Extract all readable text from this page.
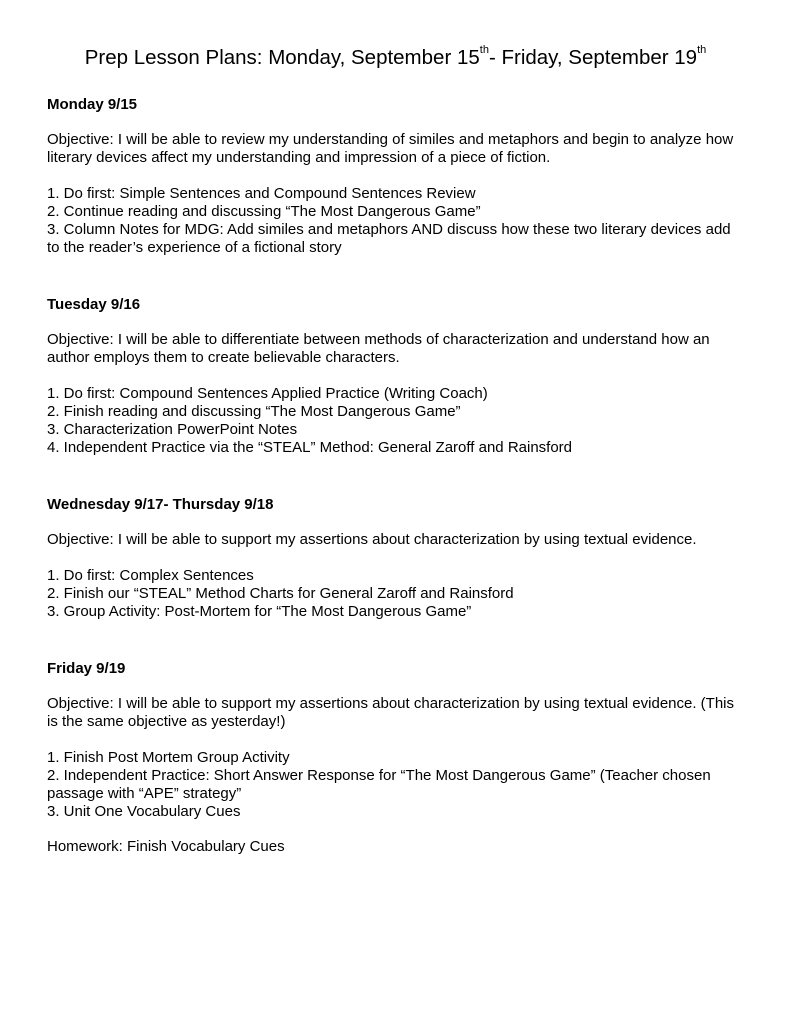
Prep Lesson Plans: Monday, September 15th- Friday, September 19th

Monday 9/15

Objective: I will be able to review my understanding of similes and metaphors and begin to analyze how literary devices affect my understanding and impression of a piece of fiction.

1. Do first: Simple Sentences and Compound Sentences Review
2. Continue reading and discussing “The Most Dangerous Game”
3. Column Notes for MDG: Add similes and metaphors AND discuss how these two literary devices add to the reader’s experience of a fictional story

Tuesday 9/16

Objective: I will be able to differentiate between methods of characterization and understand how an author employs them to create believable characters.

1. Do first: Compound Sentences Applied Practice (Writing Coach)
2. Finish reading and discussing “The Most Dangerous Game”
3. Characterization PowerPoint Notes
4. Independent Practice via the “STEAL” Method: General Zaroff and Rainsford

Wednesday 9/17- Thursday 9/18

Objective: I will be able to support my assertions about characterization by using textual evidence.

1. Do first: Complex Sentences
2. Finish our “STEAL” Method Charts for General Zaroff and Rainsford
3. Group Activity: Post-Mortem for “The Most Dangerous Game”

Friday 9/19

Objective: I will be able to support my assertions about characterization by using textual evidence. (This is the same objective as yesterday!)

1. Finish Post Mortem Group Activity
2. Independent Practice: Short Answer Response for “The Most Dangerous Game” (Teacher chosen passage with “APE” strategy”
3. Unit One Vocabulary Cues
Homework: Finish Vocabulary Cues
